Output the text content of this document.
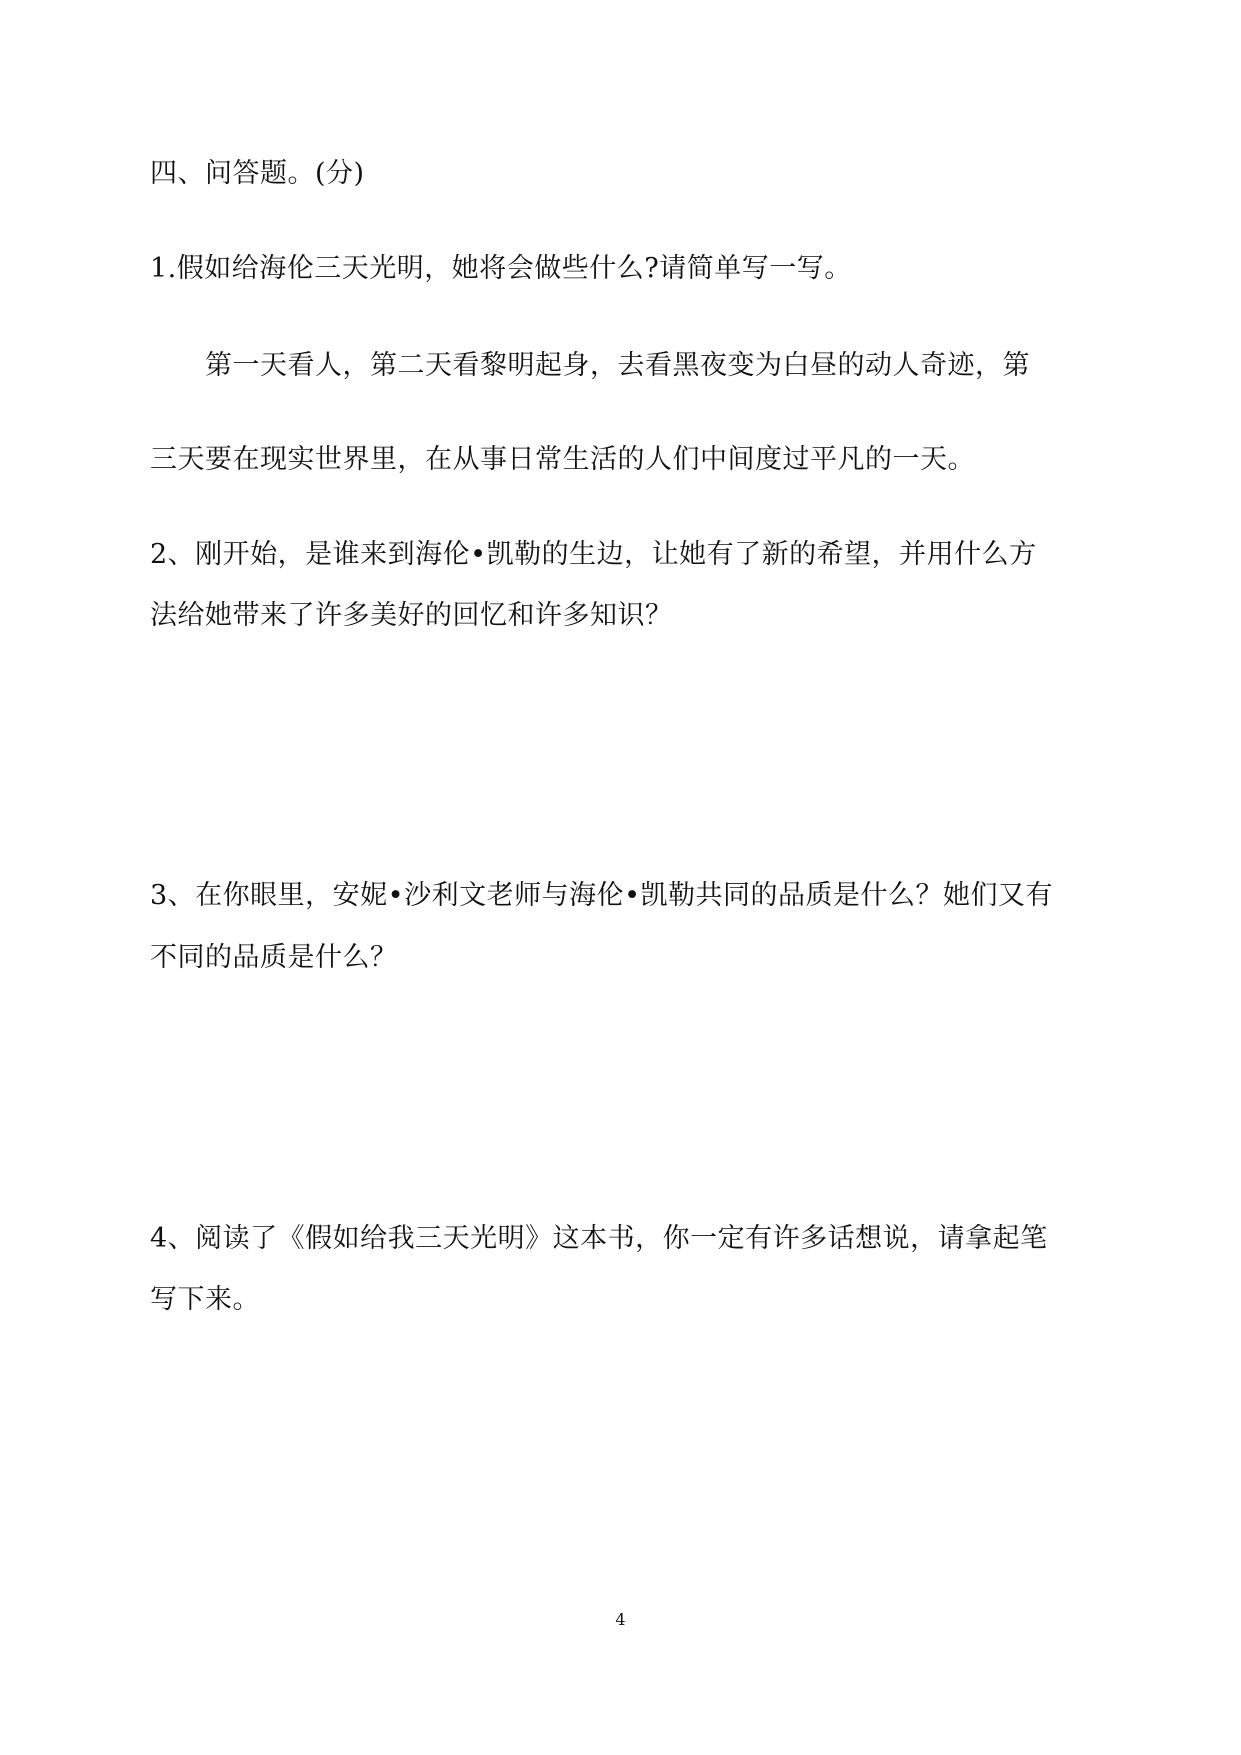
四、问答题。(分)
1.假如给海伦三天光明，她将会做些什么?请简单写一写。
第一天看人，第二天看黎明起身，去看黑夜变为白昼的动人奇迹，第
三天要在现实世界里，在从事日常生活的人们中间度过平凡的一天。
2、刚开始，是谁来到海伦•凯勒的生边，让她有了新的希望，并用什么方
法给她带来了许多美好的回忆和许多知识？
3、在你眼里，安妮•沙利文老师与海伦•凯勒共同的品质是什么？她们又有
不同的品质是什么？
4、阅读了《假如给我三天光明》这本书，你一定有许多话想说，请拿起笔
写下来。
4
